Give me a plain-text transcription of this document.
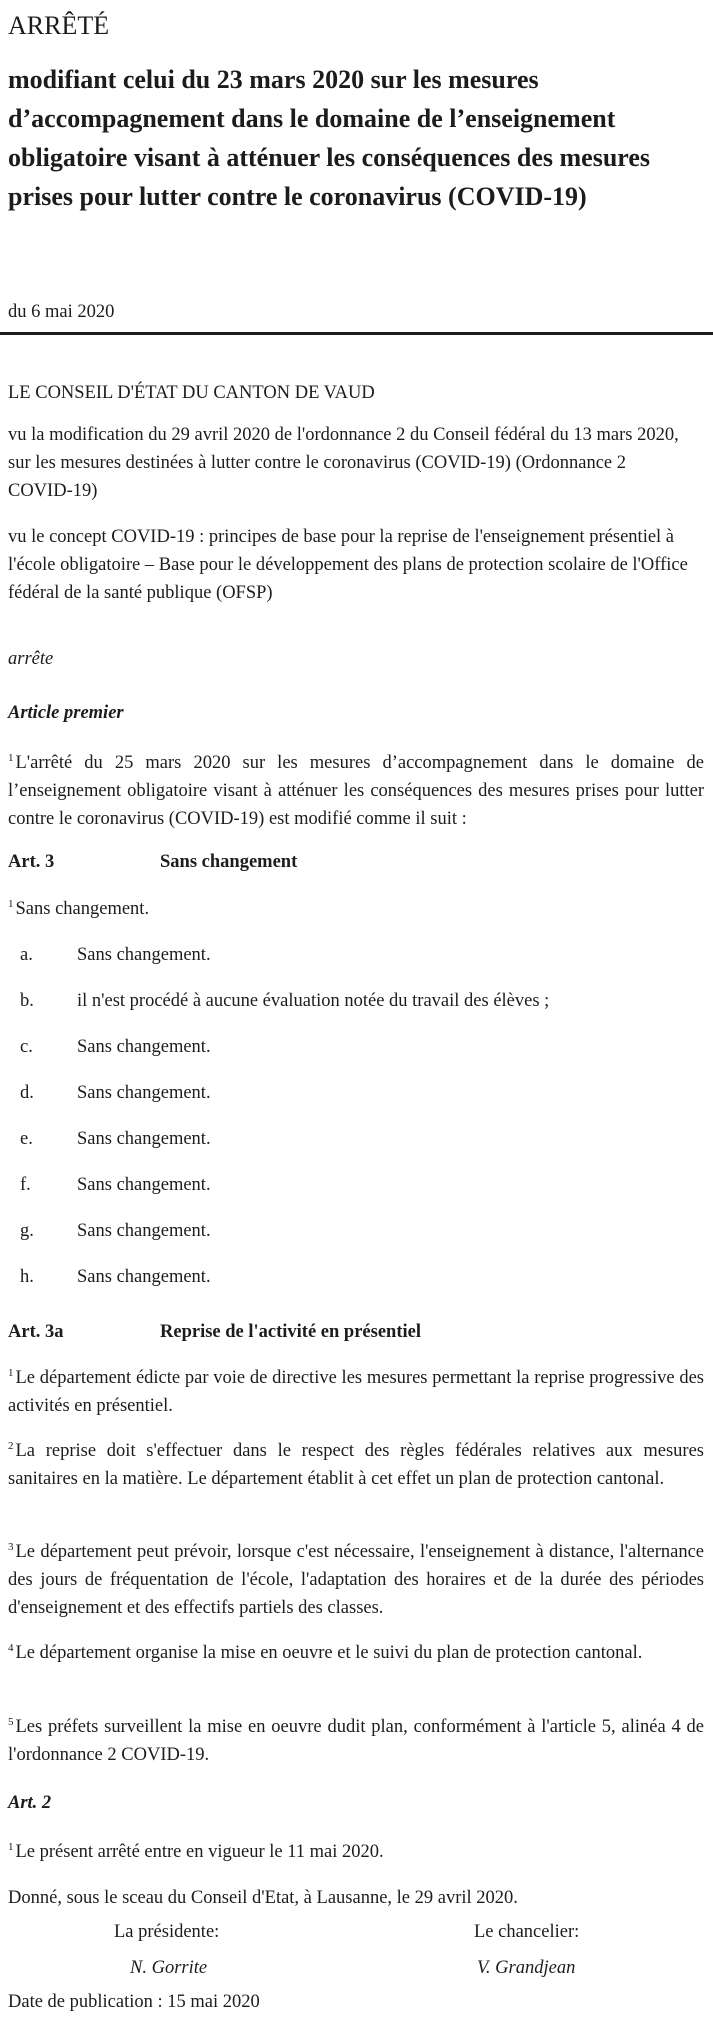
ARRÊTÉ
modifiant celui du 23 mars 2020 sur les mesures d’accompagnement dans le domaine de l’enseignement obligatoire visant à atténuer les conséquences des mesures prises pour lutter contre le coronavirus (COVID-19)
du 6 mai 2020
LE CONSEIL D'ÉTAT DU CANTON DE VAUD
vu la modification du 29 avril 2020 de l'ordonnance 2 du Conseil fédéral du 13 mars 2020, sur les mesures destinées à lutter contre le coronavirus (COVID-19) (Ordonnance 2 COVID-19)
vu le concept COVID-19 : principes de base pour la reprise de l'enseignement présentiel à l'école obligatoire – Base pour le développement des plans de protection scolaire de l'Office fédéral de la santé publique (OFSP)
arrête
Article premier
$^1$ L'arrêté du 25 mars 2020 sur les mesures d’accompagnement dans le domaine de l’enseignement obligatoire visant à atténuer les conséquences des mesures prises pour lutter contre le coronavirus (COVID-19) est modifié comme il suit :
Art. 3	Sans changement
$^1$ Sans changement.
a.	Sans changement.
b.	il n'est procédé à aucune évaluation notée du travail des élèves ;
c.	Sans changement.
d.	Sans changement.
e.	Sans changement.
f.	Sans changement.
g.	Sans changement.
h.	Sans changement.
Art. 3a	Reprise de l'activité en présentiel
$^1$ Le département édicte par voie de directive les mesures permettant la reprise progressive des activités en présentiel.
$^2$ La reprise doit s'effectuer dans le respect des règles fédérales relatives aux mesures sanitaires en la matière. Le département établit à cet effet un plan de protection cantonal.
$^3$ Le département peut prévoir, lorsque c'est nécessaire, l'enseignement à distance, l'alternance des jours de fréquentation de l'école, l'adaptation des horaires et de la durée des périodes d'enseignement et des effectifs partiels des classes.
$^4$ Le département organise la mise en oeuvre et le suivi du plan de protection cantonal.
$^5$ Les préfets surveillent la mise en oeuvre dudit plan, conformément à l'article 5, alinéa 4 de l'ordonnance 2 COVID-19.
Art. 2
$^1$ Le présent arrêté entre en vigueur le 11 mai 2020.
Donné, sous le sceau du Conseil d'Etat, à Lausanne, le 29 avril 2020.
La présidente:	Le chancelier:
N. Gorrite	V. Grandjean
Date de publication : 15 mai 2020
